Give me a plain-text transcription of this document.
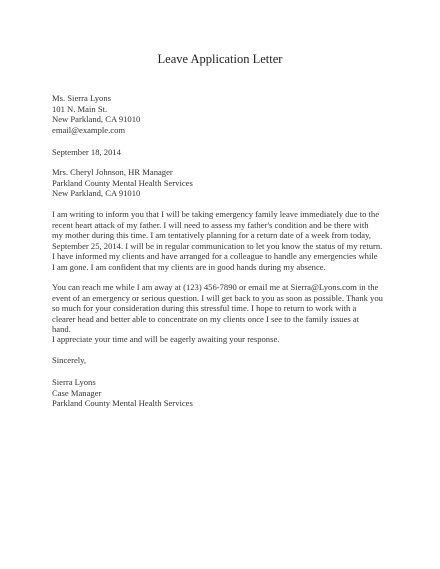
Leave Application Letter
Ms. Sierra Lyons
101 N. Main St.
New Parkland, CA 91010
email@example.com
September 18, 2014
Mrs. Cheryl Johnson, HR Manager
Parkland County Mental Health Services
New Parkland, CA 91010
I am writing to inform you that I will be taking emergency family leave immediately due to the
recent heart attack of my father. I will need to assess my father's condition and be there with
my mother during this time. I am tentatively planning for a return date of a week from today,
September 25, 2014. I will be in regular communication to let you know the status of my return.
I have informed my clients and have arranged for a colleague to handle any emergencies while
I am gone. I am confident that my clients are in good hands during my absence.
You can reach me while I am away at (123) 456-7890 or email me at Sierra@Lyons.com in the
event of an emergency or serious question. I will get back to you as soon as possible. Thank you
so much for your consideration during this stressful time. I hope to return to work with a
clearer head and better able to concentrate on my clients once I see to the family issues at
hand.
I appreciate your time and will be eagerly awaiting your response.
Sincerely,
Sierra Lyons
Case Manager
Parkland County Mental Health Services
